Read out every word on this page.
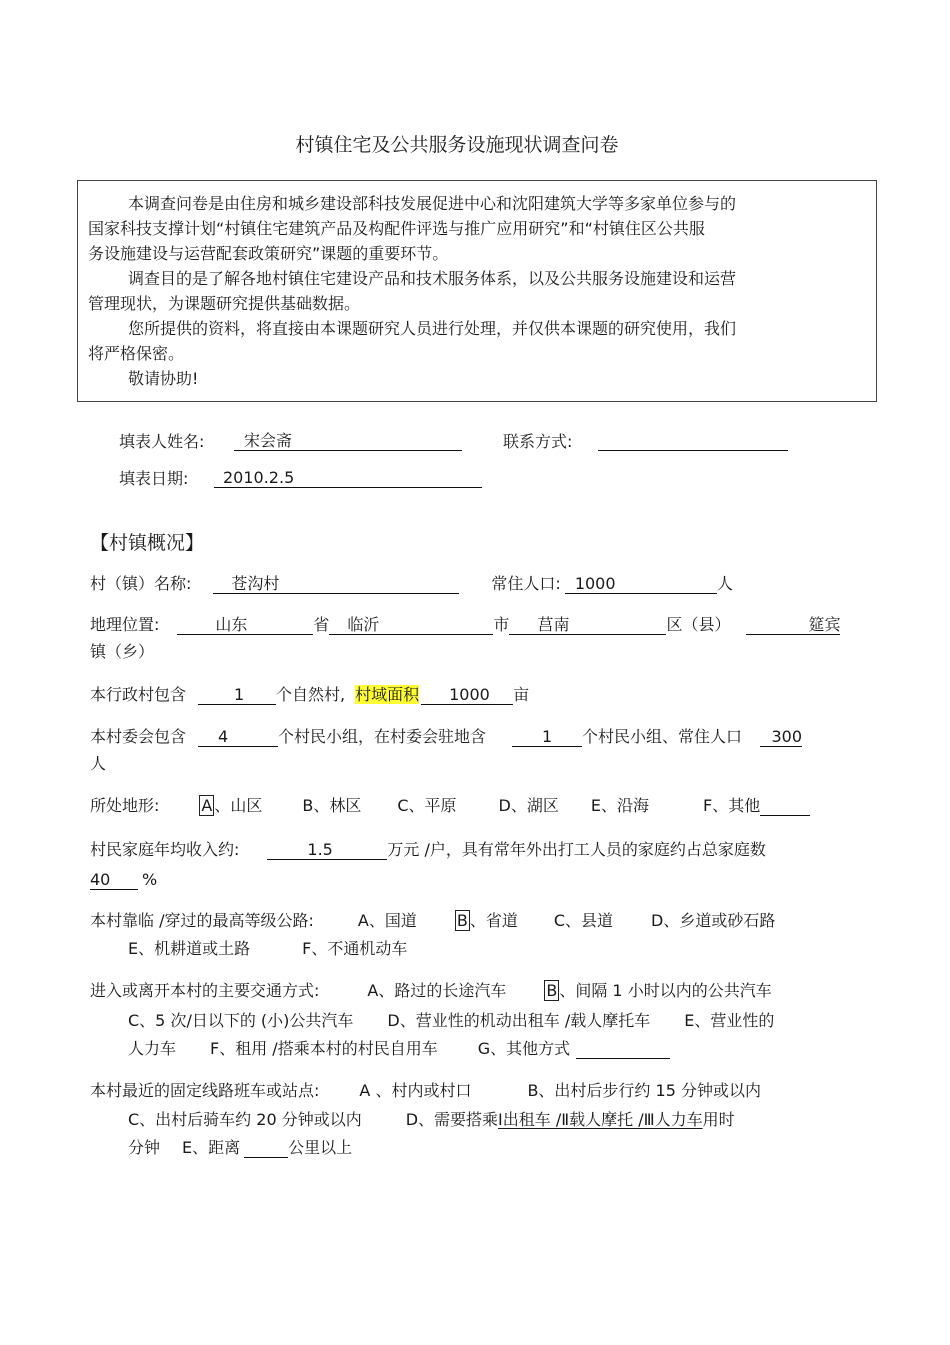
村镇住宅及公共服务设施现状调查问卷
本调查问卷是由住房和城乡建设部科技发展促进中心和沈阳建筑大学等多家单位参与的
国家科技支撑计划“村镇住宅建筑产品及构配件评选与推广应用研究”和“村镇住区公共服
务设施建设与运营配套政策研究”课题的重要环节。
调查目的是了解各地村镇住宅建设产品和技术服务体系，以及公共服务设施建设和运营
管理现状，为课题研究提供基础数据。
您所提供的资料，将直接由本课题研究人员进行处理，并仅供本课题的研究使用，我们
将严格保密。
敬请协助!
填表人姓名: 宋会斋	联系方式:
填表日期: 2010.2.5
【村镇概况】
村（镇）名称:	苍沟村	常住人口: 1000	人
地理位置:	山东	省 临沂	市 莒南	区（县）	筵宾
镇（乡）
本行政村包含	1 个自然村, 村域面积 1000 亩
本村委会包含 4	个村民小组，在村委会驻地含	1 个村民小组、常住人口 300
人
所处地形:	A 、山区	B、林区 C、平原	D、湖区 E、沿海	F、其他
村民家庭年均收入约:	1.5	万元 /户，具有常年外出打工人员的家庭约占总家庭数
40 %
本村靠临 /穿过的最高等级公路:	A、国道	B 、省道 C、县道 D、乡道或砂石路
E、机耕道或土路	F、不通机动车
进入或离开本村的主要交通方式:	A、路过的长途汽车	B 、间隔 1 小时以内的公共汽车
C、5 次/日以下的 (小)公共汽车 D、营业性的机动出租车 /载人摩托车 E、营业性的
人力车 F、租用 /搭乘本村的村民自用车	G、其他方式
本村最近的固定线路班车或站点:	A 、村内或村口	B、出村后步行约 15 分钟或以内
C、出村后骑车约 20 分钟或以内	D、需要搭乘Ⅰ出租车 /Ⅱ载人摩托 /Ⅲ人力车用时
分钟 E、距离	公里以上
